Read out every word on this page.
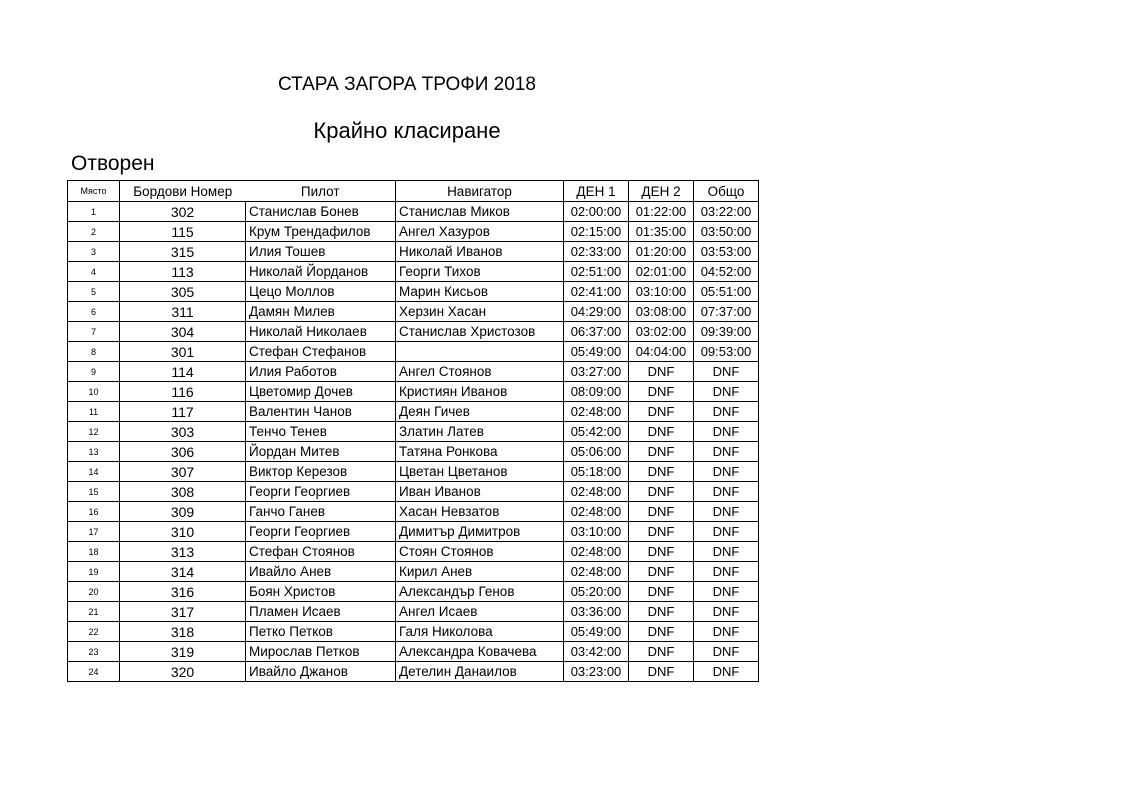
СТАРА ЗАГОРА ТРОФИ 2018
Крайно класиране
Отворен
Място	Бордови Номер	Пилот	Навигатор	ДЕН 1	ДЕН 2	Общо
1	302	Станислав Бонев	Станислав Миков	02:00:00	01:22:00	03:22:00
2	115	Крум Трендафилов	Ангел Хазуров	02:15:00	01:35:00	03:50:00
3	315	Илия Тошев	Николай Иванов	02:33:00	01:20:00	03:53:00
4	113	Николай Йорданов	Георги Тихов	02:51:00	02:01:00	04:52:00
5	305	Цецо Моллов	Марин Кисьов	02:41:00	03:10:00	05:51:00
6	311	Дамян Милев	Херзин Хасан	04:29:00	03:08:00	07:37:00
7	304	Николай Николаев	Станислав Христозов	06:37:00	03:02:00	09:39:00
8	301	Стефан Стефанов		05:49:00	04:04:00	09:53:00
9	114	Илия Работов	Ангел Стоянов	03:27:00	DNF	DNF
10	116	Цветомир Дочев	Кристиян Иванов	08:09:00	DNF	DNF
11	117	Валентин Чанов	Деян Гичев	02:48:00	DNF	DNF
12	303	Тенчо Тенев	Златин Латев	05:42:00	DNF	DNF
13	306	Йордан Митев	Татяна Ронкова	05:06:00	DNF	DNF
14	307	Виктор Керезов	Цветан Цветанов	05:18:00	DNF	DNF
15	308	Георги Георгиев	Иван Иванов	02:48:00	DNF	DNF
16	309	Ганчо Ганев	Хасан Невзатов	02:48:00	DNF	DNF
17	310	Георги Георгиев	Димитър Димитров	03:10:00	DNF	DNF
18	313	Стефан Стоянов	Стоян Стоянов	02:48:00	DNF	DNF
19	314	Ивайло Анев	Кирил Анев	02:48:00	DNF	DNF
20	316	Боян Христов	Александър Генов	05:20:00	DNF	DNF
21	317	Пламен Исаев	Ангел Исаев	03:36:00	DNF	DNF
22	318	Петко Петков	Галя Николова	05:49:00	DNF	DNF
23	319	Мирослав Петков	Александра Ковачева	03:42:00	DNF	DNF
24	320	Ивайло Джанов	Детелин Данаилов	03:23:00	DNF	DNF
